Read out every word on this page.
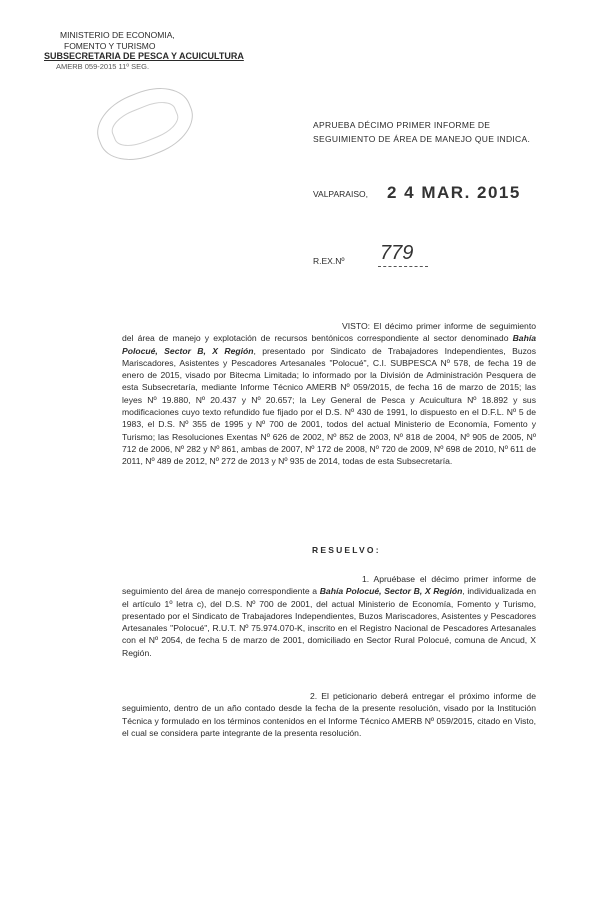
MINISTERIO DE ECONOMIA,
FOMENTO Y TURISMO
SUBSECRETARIA DE PESCA Y ACUICULTURA
AMERB 059-2015 11º SEG.
APRUEBA DÉCIMO PRIMER INFORME DE SEGUIMIENTO DE ÁREA DE MANEJO QUE INDICA.
VALPARAISO, 2 4 MAR. 2015
R.EX.Nº 779

VISTO: El décimo primer informe de seguimiento del área de manejo y explotación de recursos bentónicos correspondiente al sector denominado Bahía Polocué, Sector B, X Región, presentado por Sindicato de Trabajadores Independientes, Buzos Mariscadores, Asistentes y Pescadores Artesanales "Polocué", C.I. SUBPESCA Nº 578, de fecha 19 de enero de 2015, visado por Bitecma Limitada; lo informado por la División de Administración Pesquera de esta Subsecretaría, mediante Informe Técnico AMERB Nº 059/2015, de fecha 16 de marzo de 2015; las leyes Nº 19.880, Nº 20.437 y Nº 20.657; la Ley General de Pesca y Acuicultura Nº 18.892 y sus modificaciones cuyo texto refundido fue fijado por el D.S. Nº 430 de 1991, lo dispuesto en el D.F.L. Nº 5 de 1983, el D.S. Nº 355 de 1995 y Nº 700 de 2001, todos del actual Ministerio de Economía, Fomento y Turismo; las Resoluciones Exentas Nº 626 de 2002, Nº 852 de 2003, Nº 818 de 2004, Nº 905 de 2005, Nº 712 de 2006, Nº 282 y Nº 861, ambas de 2007, Nº 172 de 2008, Nº 720 de 2009, Nº 698 de 2010, Nº 611 de 2011, Nº 489 de 2012, Nº 272 de 2013 y Nº 935 de 2014, todas de esta Subsecretaría.

RESUELVO:

1. Apruébase el décimo primer informe de seguimiento del área de manejo correspondiente a Bahía Polocué, Sector B, X Región, individualizada en el artículo 1º letra c), del D.S. Nº 700 de 2001, del actual Ministerio de Economía, Fomento y Turismo, presentado por el Sindicato de Trabajadores Independientes, Buzos Mariscadores, Asistentes y Pescadores Artesanales "Polocué", R.U.T. Nº 75.974.070-K, inscrito en el Registro Nacional de Pescadores Artesanales con el Nº 2054, de fecha 5 de marzo de 2001, domiciliado en Sector Rural Polocué, comuna de Ancud, X Región.

2. El peticionario deberá entregar el próximo informe de seguimiento, dentro de un año contado desde la fecha de la presente resolución, visado por la Institución Técnica y formulado en los términos contenidos en el Informe Técnico AMERB Nº 059/2015, citado en Visto, el cual se considera parte integrante de la presenta resolución.
